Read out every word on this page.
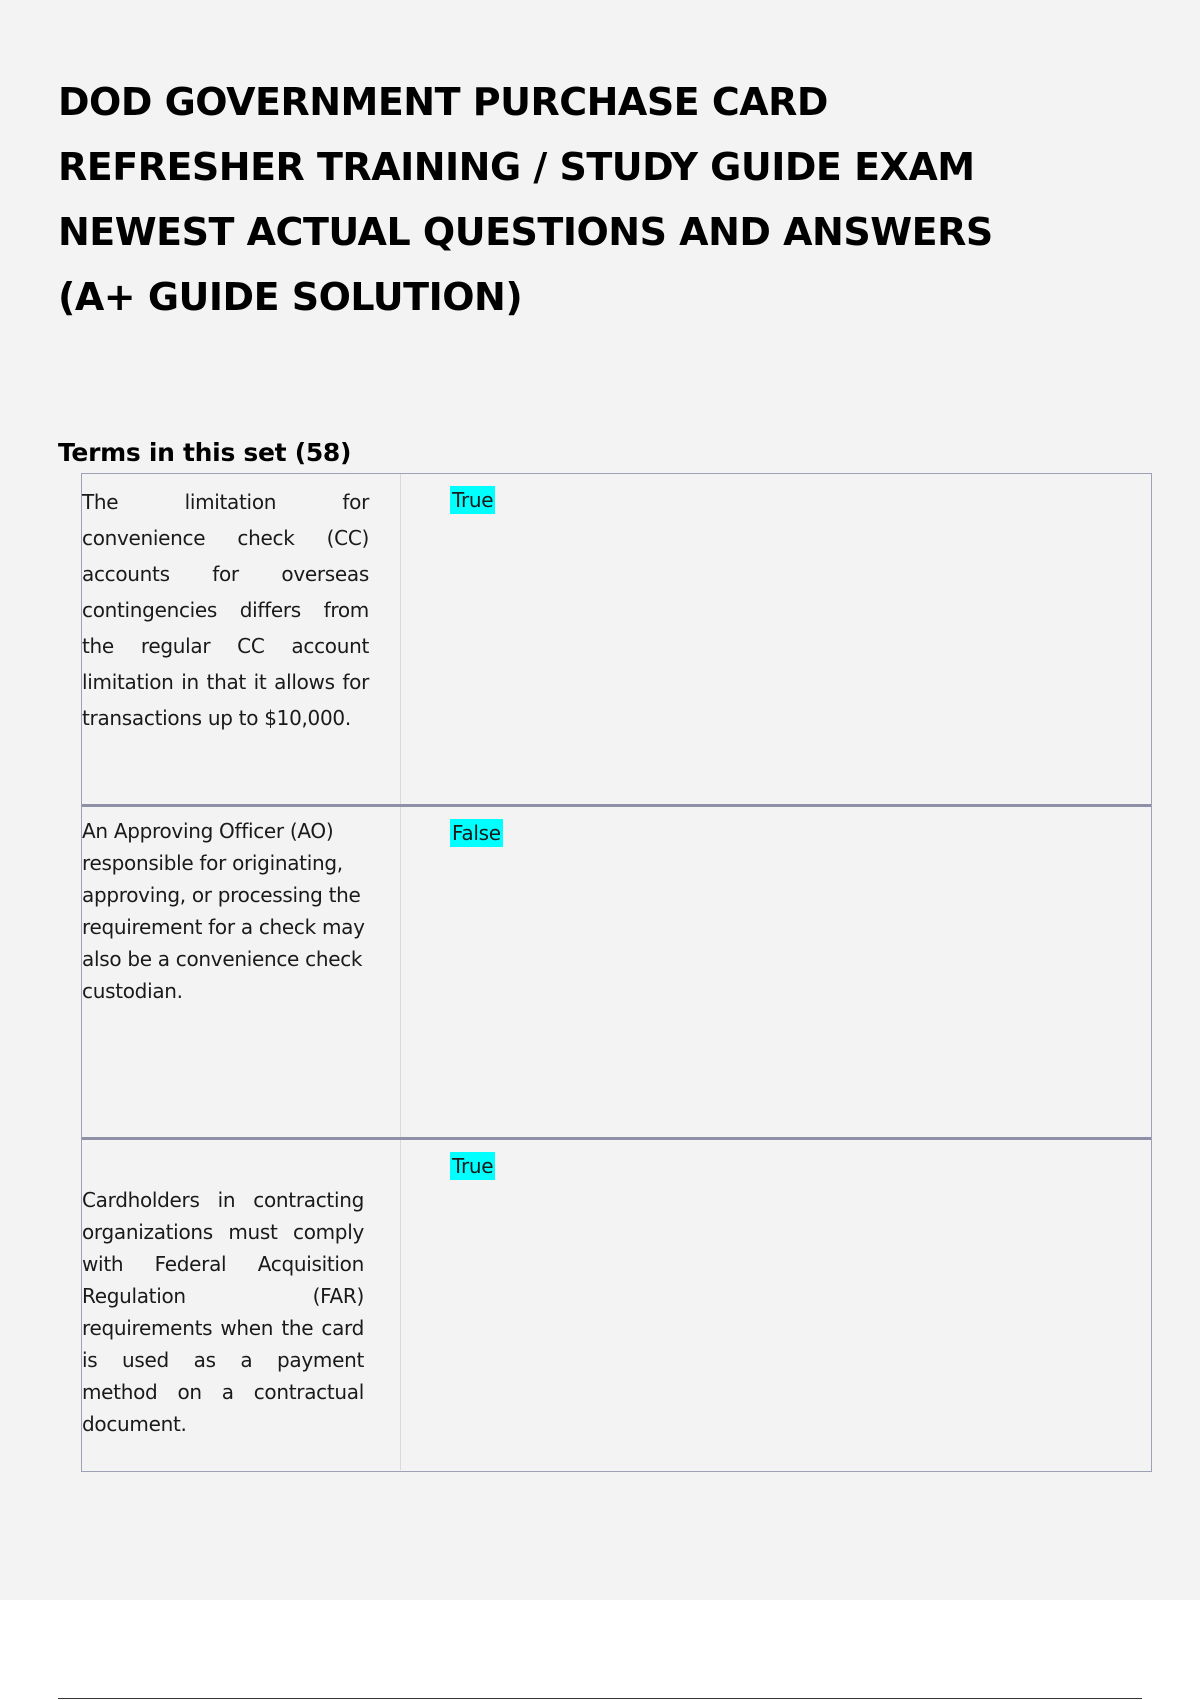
DOD GOVERNMENT PURCHASE CARD REFRESHER TRAINING / STUDY GUIDE EXAM NEWEST ACTUAL QUESTIONS AND ANSWERS (A+ GUIDE SOLUTION)
Terms in this set (58)

The limitation for convenience check (CC) accounts for overseas contingencies differs from the regular CC account limitation in that it allows for transactions up to $10,000.

True

An Approving Officer (AO) responsible for originating, approving, or processing the requirement for a check may also be a convenience check custodian.

False

Cardholders in contracting organizations must comply with Federal Acquisition Regulation (FAR) requirements when the card is used as a payment method on a contractual document.

True
